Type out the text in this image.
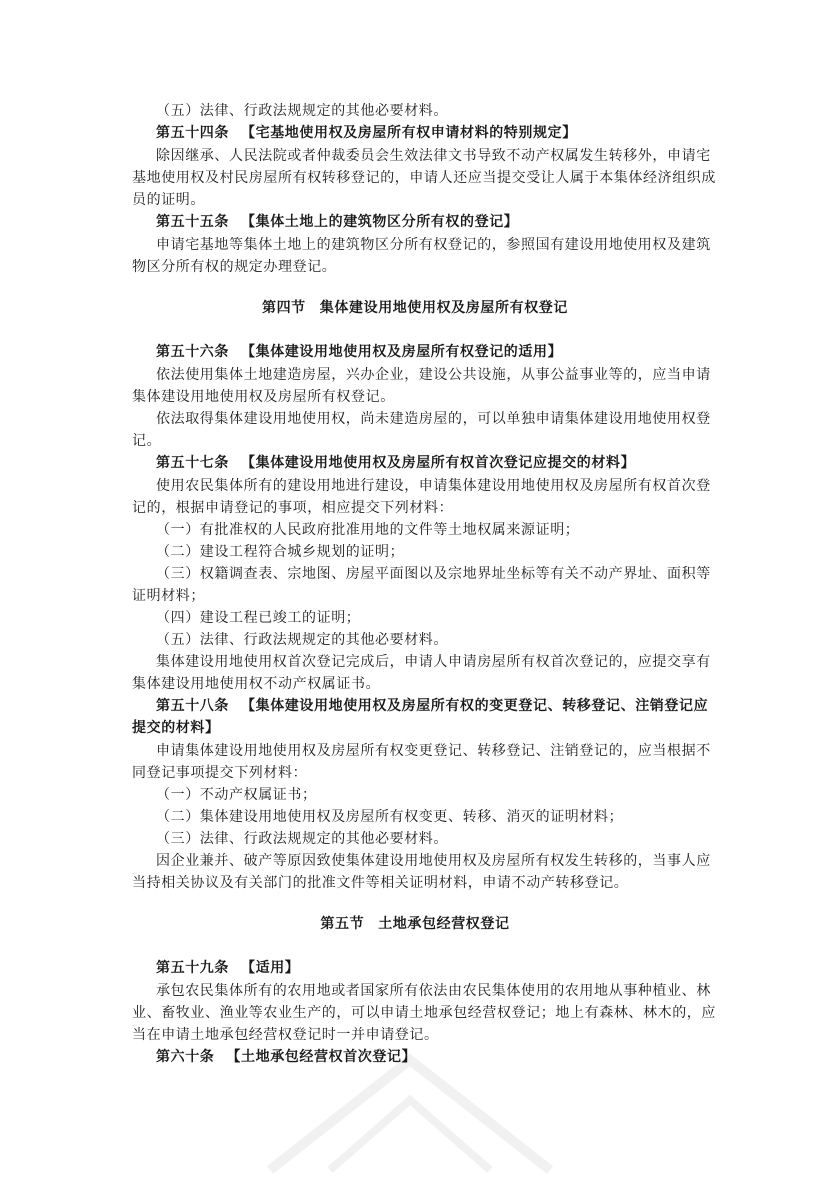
（五）法律、行政法规规定的其他必要材料。
第五十四条 【宅基地使用权及房屋所有权申请材料的特别规定】
除因继承、人民法院或者仲裁委员会生效法律文书导致不动产权属发生转移外，申请宅
基地使用权及村民房屋所有权转移登记的，申请人还应当提交受让人属于本集体经济组织成
员的证明。
第五十五条 【集体土地上的建筑物区分所有权的登记】
申请宅基地等集体土地上的建筑物区分所有权登记的，参照国有建设用地使用权及建筑
物区分所有权的规定办理登记。
第四节 集体建设用地使用权及房屋所有权登记
第五十六条 【集体建设用地使用权及房屋所有权登记的适用】
依法使用集体土地建造房屋，兴办企业，建设公共设施，从事公益事业等的，应当申请
集体建设用地使用权及房屋所有权登记。
依法取得集体建设用地使用权，尚未建造房屋的，可以单独申请集体建设用地使用权登
记。
第五十七条 【集体建设用地使用权及房屋所有权首次登记应提交的材料】
使用农民集体所有的建设用地进行建设，申请集体建设用地使用权及房屋所有权首次登
记的，根据申请登记的事项，相应提交下列材料：
（一）有批准权的人民政府批准用地的文件等土地权属来源证明；
（二）建设工程符合城乡规划的证明；
（三）权籍调查表、宗地图、房屋平面图以及宗地界址坐标等有关不动产界址、面积等
证明材料；
（四）建设工程已竣工的证明；
（五）法律、行政法规规定的其他必要材料。
集体建设用地使用权首次登记完成后，申请人申请房屋所有权首次登记的，应提交享有
集体建设用地使用权不动产权属证书。
第五十八条 【集体建设用地使用权及房屋所有权的变更登记、转移登记、注销登记应
提交的材料】
申请集体建设用地使用权及房屋所有权变更登记、转移登记、注销登记的，应当根据不
同登记事项提交下列材料：
（一）不动产权属证书；
（二）集体建设用地使用权及房屋所有权变更、转移、消灭的证明材料；
（三）法律、行政法规规定的其他必要材料。
因企业兼并、破产等原因致使集体建设用地使用权及房屋所有权发生转移的，当事人应
当持相关协议及有关部门的批准文件等相关证明材料，申请不动产转移登记。
第五节 土地承包经营权登记
第五十九条 【适用】
承包农民集体所有的农用地或者国家所有依法由农民集体使用的农用地从事种植业、林
业、畜牧业、渔业等农业生产的，可以申请土地承包经营权登记；地上有森林、林木的，应
当在申请土地承包经营权登记时一并申请登记。
第六十条 【土地承包经营权首次登记】
